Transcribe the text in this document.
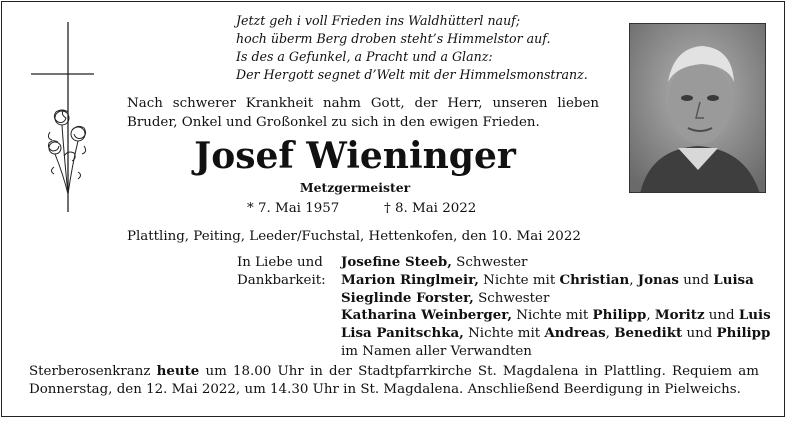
Jetzt geh i voll Frieden ins Waldhütterl nauf;
hoch überm Berg droben steht’s Himmelstor auf.
Is des a Gefunkel, a Pracht und a Glanz:
Der Hergott segnet d’Welt mit der Himmelsmonstranz.
Nach schwerer Krankheit nahm Gott, der Herr, unseren lieben Bruder, Onkel und Großonkel zu sich in den ewigen Frieden.
Josef Wieninger
Metzgermeister
* 7. Mai 1957	† 8. Mai 2022
Plattling, Peiting, Leeder/Fuchstal, Hettenkofen, den 10. Mai 2022
In Liebe und
Dankbarkeit:
Josefine Steeb, Schwester
Marion Ringlmeir, Nichte mit Christian, Jonas und Luisa
Sieglinde Forster, Schwester
Katharina Weinberger, Nichte mit Philipp, Moritz und Luis
Lisa Panitschka, Nichte mit Andreas, Benedikt und Philipp
im Namen aller Verwandten
Sterberosenkranz heute um 18.00 Uhr in der Stadtpfarrkirche St. Magdalena in Plattling. Requiem am Donnerstag, den 12. Mai 2022, um 14.30 Uhr in St. Magdalena. Anschließend Beerdigung in Pielweichs.
